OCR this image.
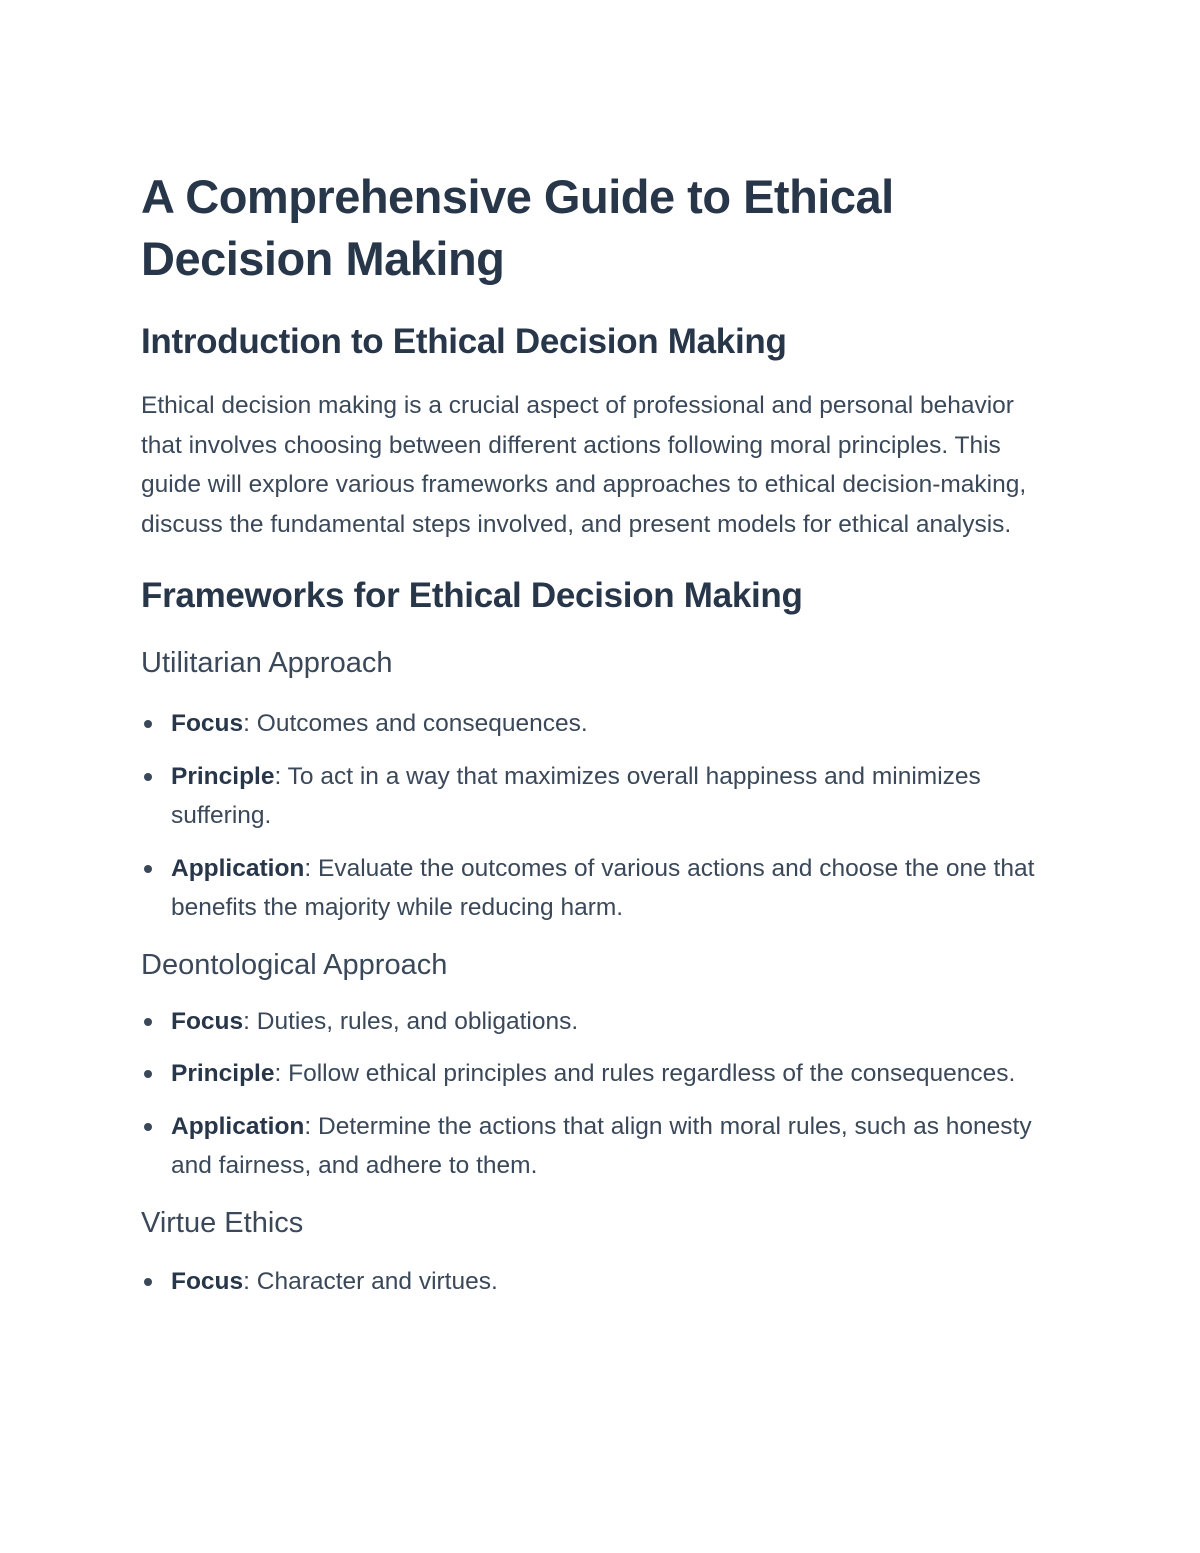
A Comprehensive Guide to Ethical Decision Making
Introduction to Ethical Decision Making

Ethical decision making is a crucial aspect of professional and personal behavior that involves choosing between different actions following moral principles. This guide will explore various frameworks and approaches to ethical decision-making, discuss the fundamental steps involved, and present models for ethical analysis.

Frameworks for Ethical Decision Making
Utilitarian Approach
Focus: Outcomes and consequences.
Principle: To act in a way that maximizes overall happiness and minimizes suffering.
Application: Evaluate the outcomes of various actions and choose the one that benefits the majority while reducing harm.
Deontological Approach
Focus: Duties, rules, and obligations.
Principle: Follow ethical principles and rules regardless of the consequences.
Application: Determine the actions that align with moral rules, such as honesty and fairness, and adhere to them.
Virtue Ethics
Focus: Character and virtues.
